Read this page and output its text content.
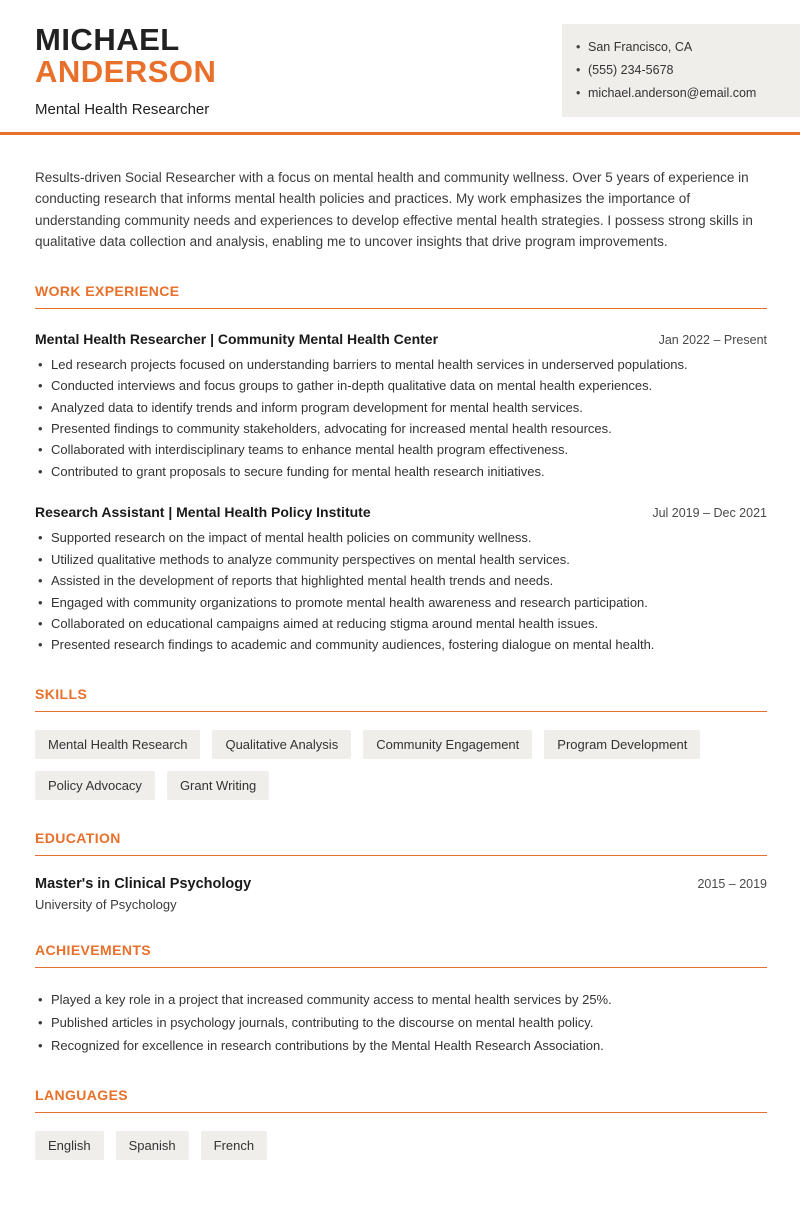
MICHAEL
ANDERSON
Mental Health Researcher
• San Francisco, CA
• (555) 234-5678
• michael.anderson@email.com

Results-driven Social Researcher with a focus on mental health and community wellness. Over 5 years of experience in conducting research that informs mental health policies and practices. My work emphasizes the importance of understanding community needs and experiences to develop effective mental health strategies. I possess strong skills in qualitative data collection and analysis, enabling me to uncover insights that drive program improvements.

WORK EXPERIENCE
Mental Health Researcher | Community Mental Health Center	Jan 2022 – Present
• Led research projects focused on understanding barriers to mental health services in underserved populations.
• Conducted interviews and focus groups to gather in-depth qualitative data on mental health experiences.
• Analyzed data to identify trends and inform program development for mental health services.
• Presented findings to community stakeholders, advocating for increased mental health resources.
• Collaborated with interdisciplinary teams to enhance mental health program effectiveness.
• Contributed to grant proposals to secure funding for mental health research initiatives.
Research Assistant | Mental Health Policy Institute	Jul 2019 – Dec 2021
• Supported research on the impact of mental health policies on community wellness.
• Utilized qualitative methods to analyze community perspectives on mental health services.
• Assisted in the development of reports that highlighted mental health trends and needs.
• Engaged with community organizations to promote mental health awareness and research participation.
• Collaborated on educational campaigns aimed at reducing stigma around mental health issues.
• Presented research findings to academic and community audiences, fostering dialogue on mental health.
SKILLS
Mental Health Research	Qualitative Analysis	Community Engagement	Program Development
Policy Advocacy	Grant Writing
EDUCATION
Master's in Clinical Psychology	2015 – 2019
University of Psychology
ACHIEVEMENTS
• Played a key role in a project that increased community access to mental health services by 25%.
• Published articles in psychology journals, contributing to the discourse on mental health policy.
• Recognized for excellence in research contributions by the Mental Health Research Association.
LANGUAGES
English	Spanish	French
